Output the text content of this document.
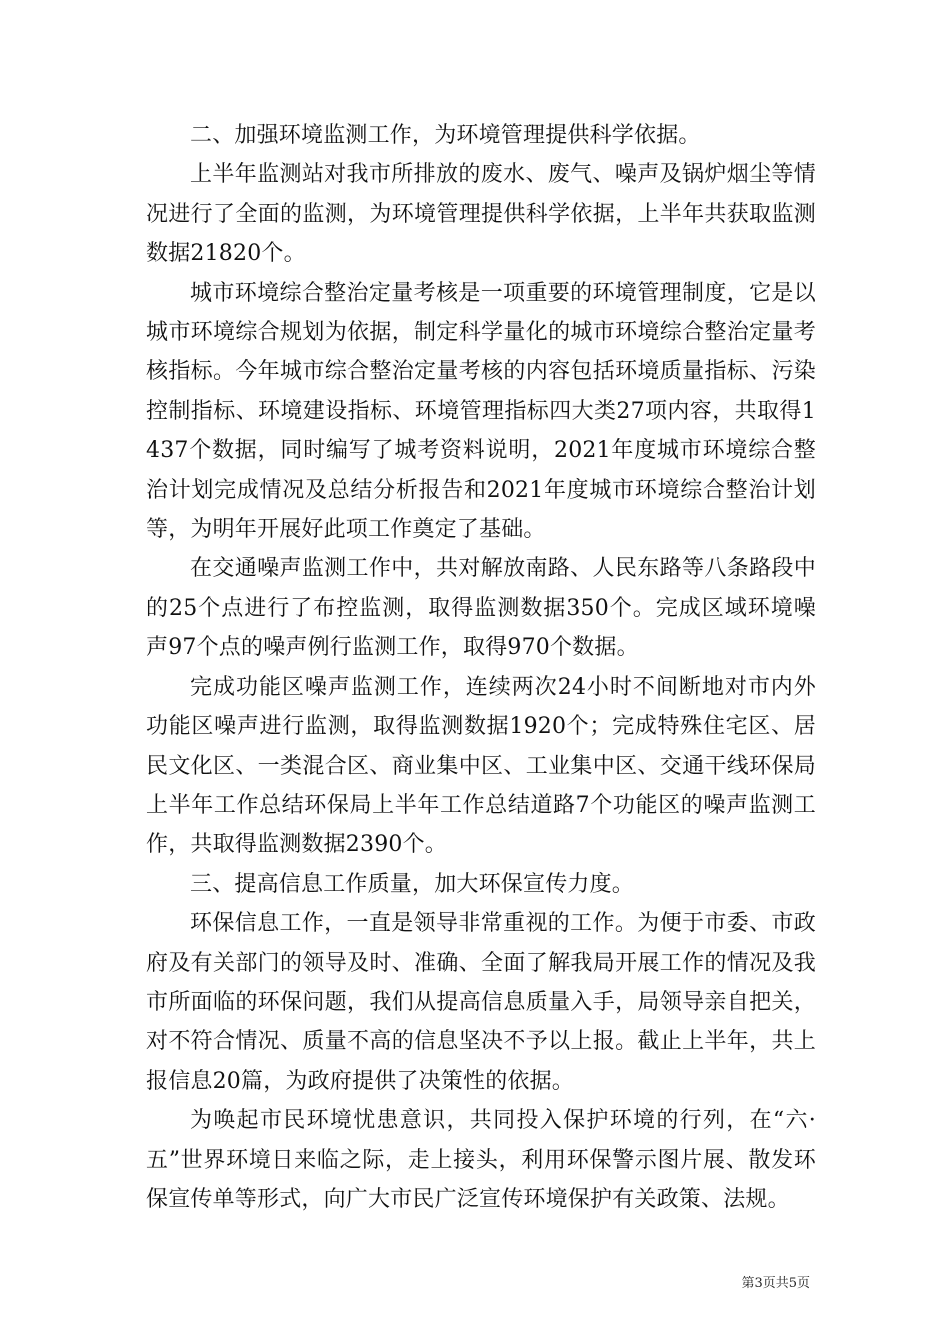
二、加强环境监测工作，为环境管理提供科学依据。

上半年监测站对我市所排放的废水、废气、噪声及锅炉烟尘等情况进行了全面的监测，为环境管理提供科学依据，上半年共获取监测数据21820个。

城市环境综合整治定量考核是一项重要的环境管理制度，它是以城市环境综合规划为依据，制定科学量化的城市环境综合整治定量考核指标。今年城市综合整治定量考核的内容包括环境质量指标、污染控制指标、环境建设指标、环境管理指标四大类27项内容，共取得1437个数据，同时编写了城考资料说明，2021年度城市环境综合整治计划完成情况及总结分析报告和2021年度城市环境综合整治计划等，为明年开展好此项工作奠定了基础。

在交通噪声监测工作中，共对解放南路、人民东路等八条路段中的25个点进行了布控监测，取得监测数据350个。完成区域环境噪声97个点的噪声例行监测工作，取得970个数据。

完成功能区噪声监测工作，连续两次24小时不间断地对市内外功能区噪声进行监测，取得监测数据1920个；完成特殊住宅区、居民文化区、一类混合区、商业集中区、工业集中区、交通干线环保局上半年工作总结环保局上半年工作总结道路7个功能区的噪声监测工作，共取得监测数据2390个。

三、提高信息工作质量，加大环保宣传力度。

环保信息工作，一直是领导非常重视的工作。为便于市委、市政府及有关部门的领导及时、准确、全面了解我局开展工作的情况及我市所面临的环保问题，我们从提高信息质量入手，局领导亲自把关，对不符合情况、质量不高的信息坚决不予以上报。截止上半年，共上报信息20篇，为政府提供了决策性的依据。

为唤起市民环境忧患意识，共同投入保护环境的行列，在“六·五”世界环境日来临之际，走上接头，利用环保警示图片展、散发环保宣传单等形式，向广大市民广泛宣传环境保护有关政策、法规。

第3页共5页
